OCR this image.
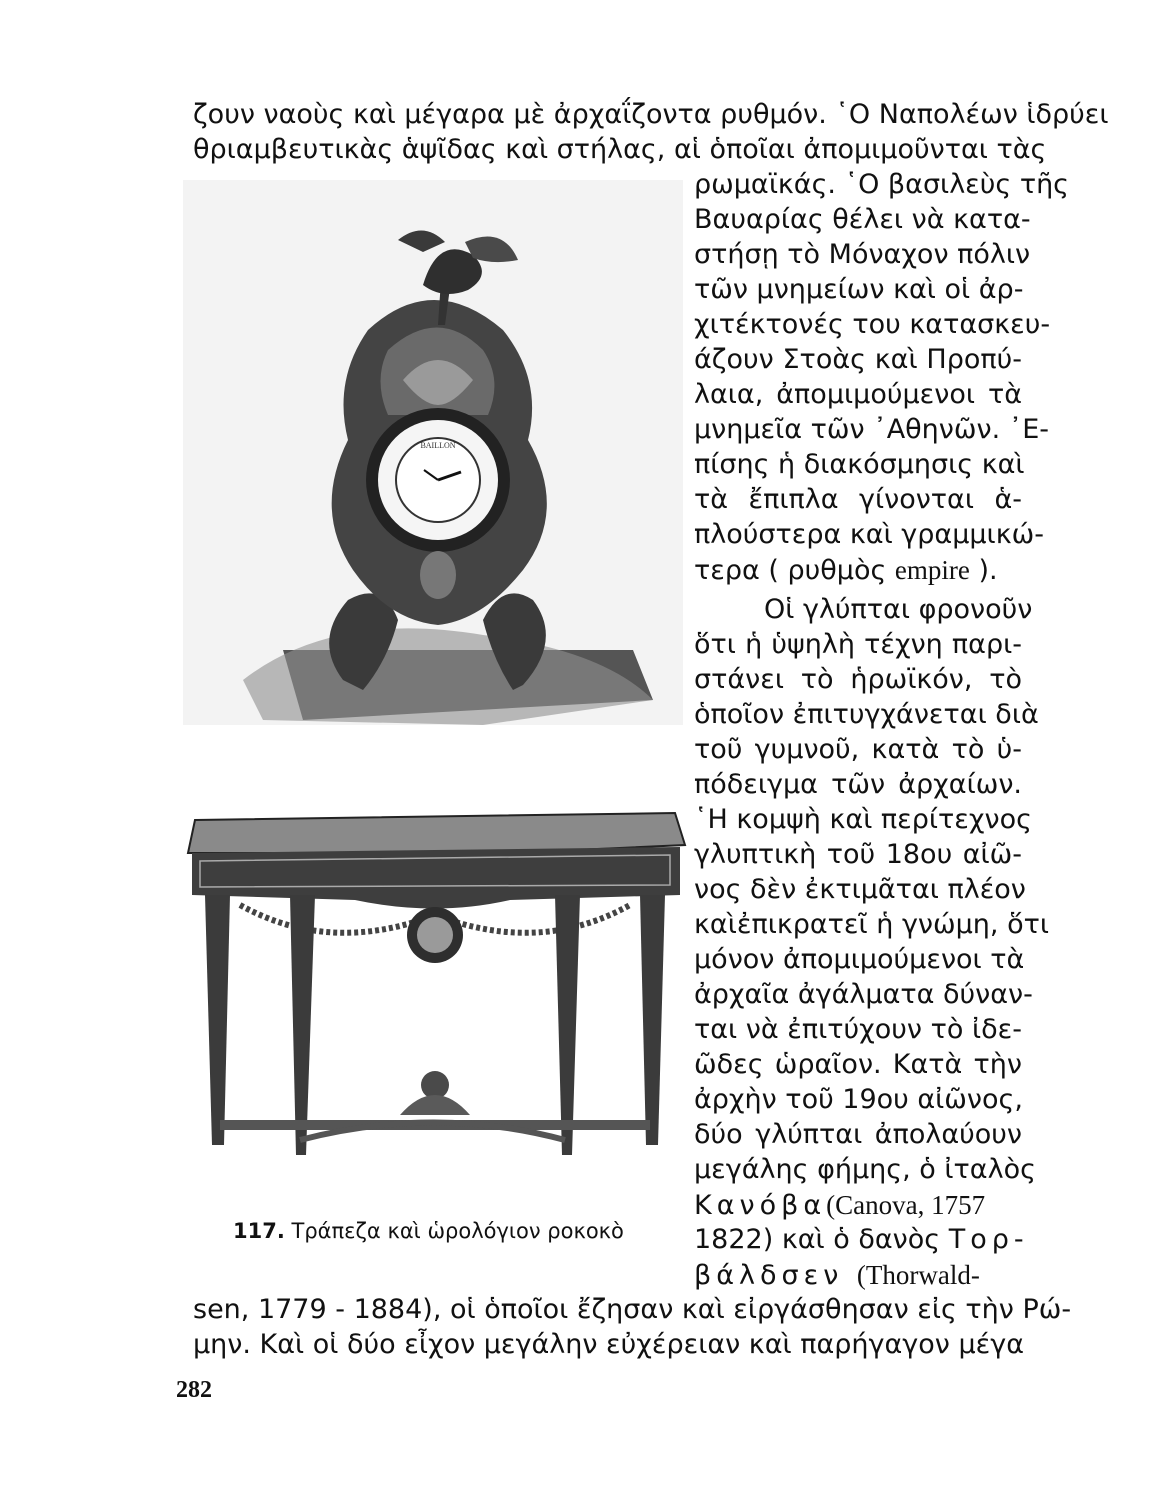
BAILLON
ζουν ναοὺς καὶ μέγαρα μὲ ἀρχαΐζοντα ρυθμόν. ῾Ο Ναπολέων ἱδρύει
θριαμβευτικὰς ἁψῖδας καὶ στήλας, αἱ ὁποῖαι ἀπομιμοῦνται τὰς
ρωμαϊκάς. ῾Ο βασιλεὺς τῆς
Βαυαρίας θέλει νὰ κατα-
στήσῃ τὸ Μόναχον πόλιν
τῶν μνημείων καὶ οἱ ἀρ-
χιτέκτονές του κατασκευ-
άζουν Στοὰς καὶ Προπύ-
λαια, ἀπομιμούμενοι τὰ
μνημεῖα τῶν ᾿Αθηνῶν. ᾿Ε-
πίσης ἡ διακόσμησις καὶ
τὰ ἔπιπλα γίνονται ἁ-
πλούστερα καὶ γραμμικώ-
τερα ( ρυθμὸς empire ).
Οἱ γλύπται φρονοῦν
ὅτι ἡ ὑψηλὴ τέχνη παρι-
στάνει τὸ ἡρωϊκόν, τὸ
ὁποῖον ἐπιτυγχάνεται διὰ
τοῦ γυμνοῦ, κατὰ τὸ ὑ-
πόδειγμα τῶν ἀρχαίων.
῾Η κομψὴ καὶ περίτεχνος
γλυπτικὴ τοῦ 18ου αἰῶ-
νος δὲν ἐκτιμᾶται πλέον
καὶἐπικρατεῖ ἡ γνώμη, ὅτι
μόνον ἀπομιμούμενοι τὰ
ἀρχαῖα ἀγάλματα δύναν-
ται νὰ ἐπιτύχουν τὸ ἰδε-
ῶδες ὡραῖον. Κατὰ τὴν
ἀρχὴν τοῦ 19ου αἰῶνος,
δύο γλύπται ἀπολαύουν
μεγάλης φήμης, ὁ ἰταλὸς
Κανόβα(Canova, 1757
1822) καὶ ὁ δανὸς Τορ-
βάλδσεν (Thorwald-
sen, 1779 - 1884), οἱ ὁποῖοι ἔζησαν καὶ εἰργάσθησαν εἰς τὴν Ρώ-
μην. Καὶ οἱ δύο εἶχον μεγάλην εὐχέρειαν καὶ παρήγαγον μέγα
117. Τράπεζα καὶ ὡρολόγιον ροκοκὸ
282
